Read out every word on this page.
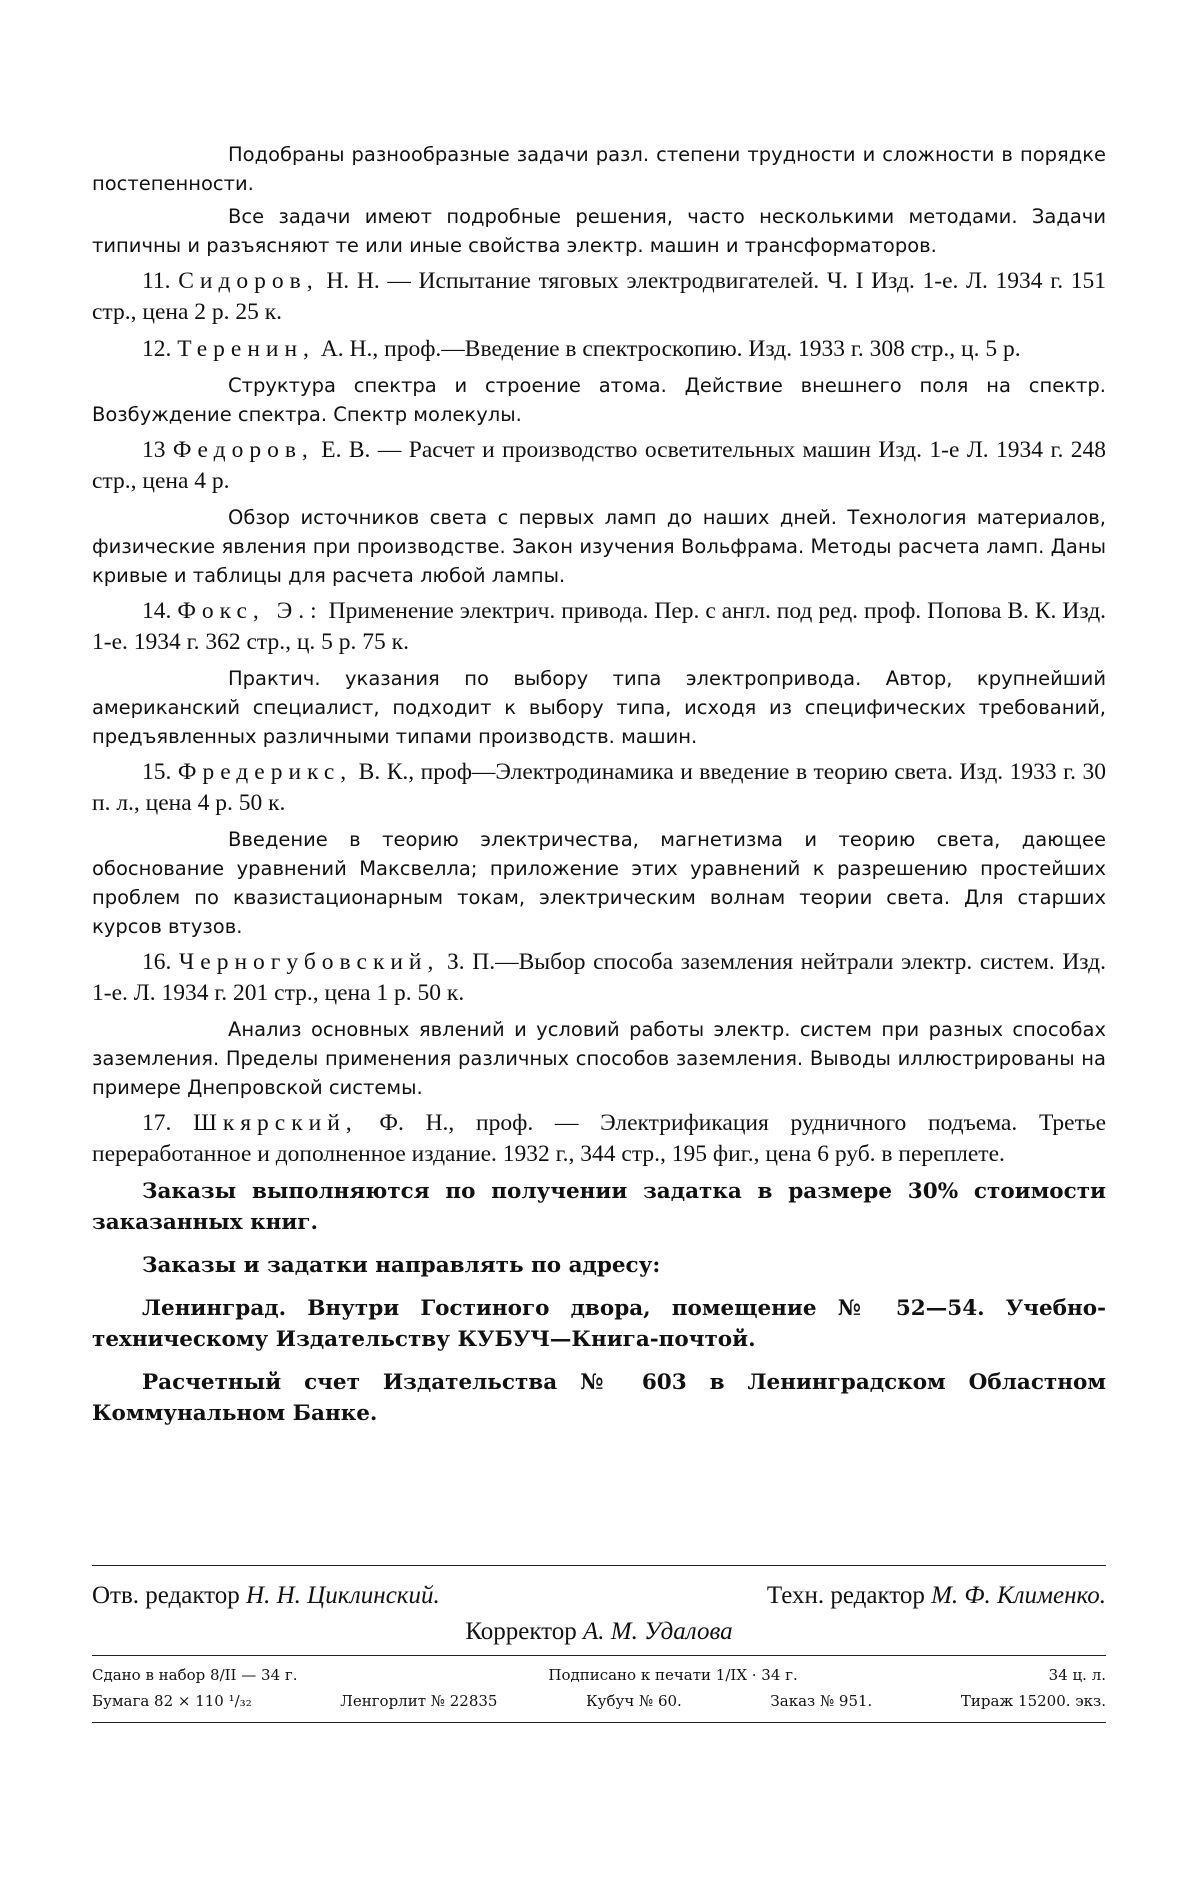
Подобраны разнообразные задачи разл. степени трудности и сложности в порядке постепенности.

Все задачи имеют подробные решения, часто несколькими методами. Задачи типичны и разъясняют те или иные свойства электр. машин и трансформаторов.

11. Сидоров, Н. Н. — Испытание тяговых электродвигателей. Ч. I Изд. 1-е. Л. 1934 г. 151 стр., цена 2 р. 25 к.

12. Теренин, А. Н., проф.—Введение в спектроскопию. Изд. 1933 г. 308 стр., ц. 5 р.

Структура спектра и строение атома. Действие внешнего поля на спектр. Возбуждение спектра. Спектр молекулы.

13 Федоров, Е. В. — Расчет и производство осветительных машин Изд. 1-е Л. 1934 г. 248 стр., цена 4 р.

Обзор источников света с первых ламп до наших дней. Технология материалов, физические явления при производстве. Закон изучения Вольфрама. Методы расчета ламп. Даны кривые и таблицы для расчета любой лампы.

14. Фокс, Э.: Применение электрич. привода. Пер. с англ. под ред. проф. Попова В. К. Изд. 1-е. 1934 г. 362 стр., ц. 5 р. 75 к.

Практич. указания по выбору типа электропривода. Автор, крупнейший американский специалист, подходит к выбору типа, исходя из специфических требований, предъявленных различными типами производств. машин.

15. Фредерикс, В. К., проф—Электродинамика и введение в теорию света. Изд. 1933 г. 30 п. л., цена 4 р. 50 к.

Введение в теорию электричества, магнетизма и теорию света, дающее обоснование уравнений Максвелла; приложение этих уравнений к разрешению простейших проблем по квазистационарным токам, электрическим волнам теории света. Для старших курсов втузов.

16. Черногубовский, З. П.—Выбор способа заземления нейтрали электр. систем. Изд. 1-е. Л. 1934 г. 201 стр., цена 1 р. 50 к.

Анализ основных явлений и условий работы электр. систем при разных способах заземления. Пределы применения различных способов заземления. Выводы иллюстрированы на примере Днепровской системы.

17. Шкярский, Ф. Н., проф. — Электрификация рудничного подъема. Третье переработанное и дополненное издание. 1932 г., 344 стр., 195 фиг., цена 6 руб. в переплете.

Заказы выполняются по получении задатка в размере 30% стоимости заказанных книг.

Заказы и задатки направлять по адресу:

Ленинград. Внутри Гостиного двора, помещение № 52—54. Учебно-техническому Издательству КУБУЧ—Книга-почтой.

Расчетный счет Издательства № 603 в Ленинградском Областном Коммунальном Банке.

Отв. редактор Н. Н. Циклинский.	Техн. редактор М. Ф. Клименко.
Корректор А. М. Удалова
Сдано в набор 8/II — 34 г.	Подписано к печати 1/IX · 34 г.	34 ц. л.
Бумага 82 × 110 ¹/₃₂	Ленгорлит № 22835	Кубуч № 60.	Заказ № 951.	Тираж 15200. экз.
